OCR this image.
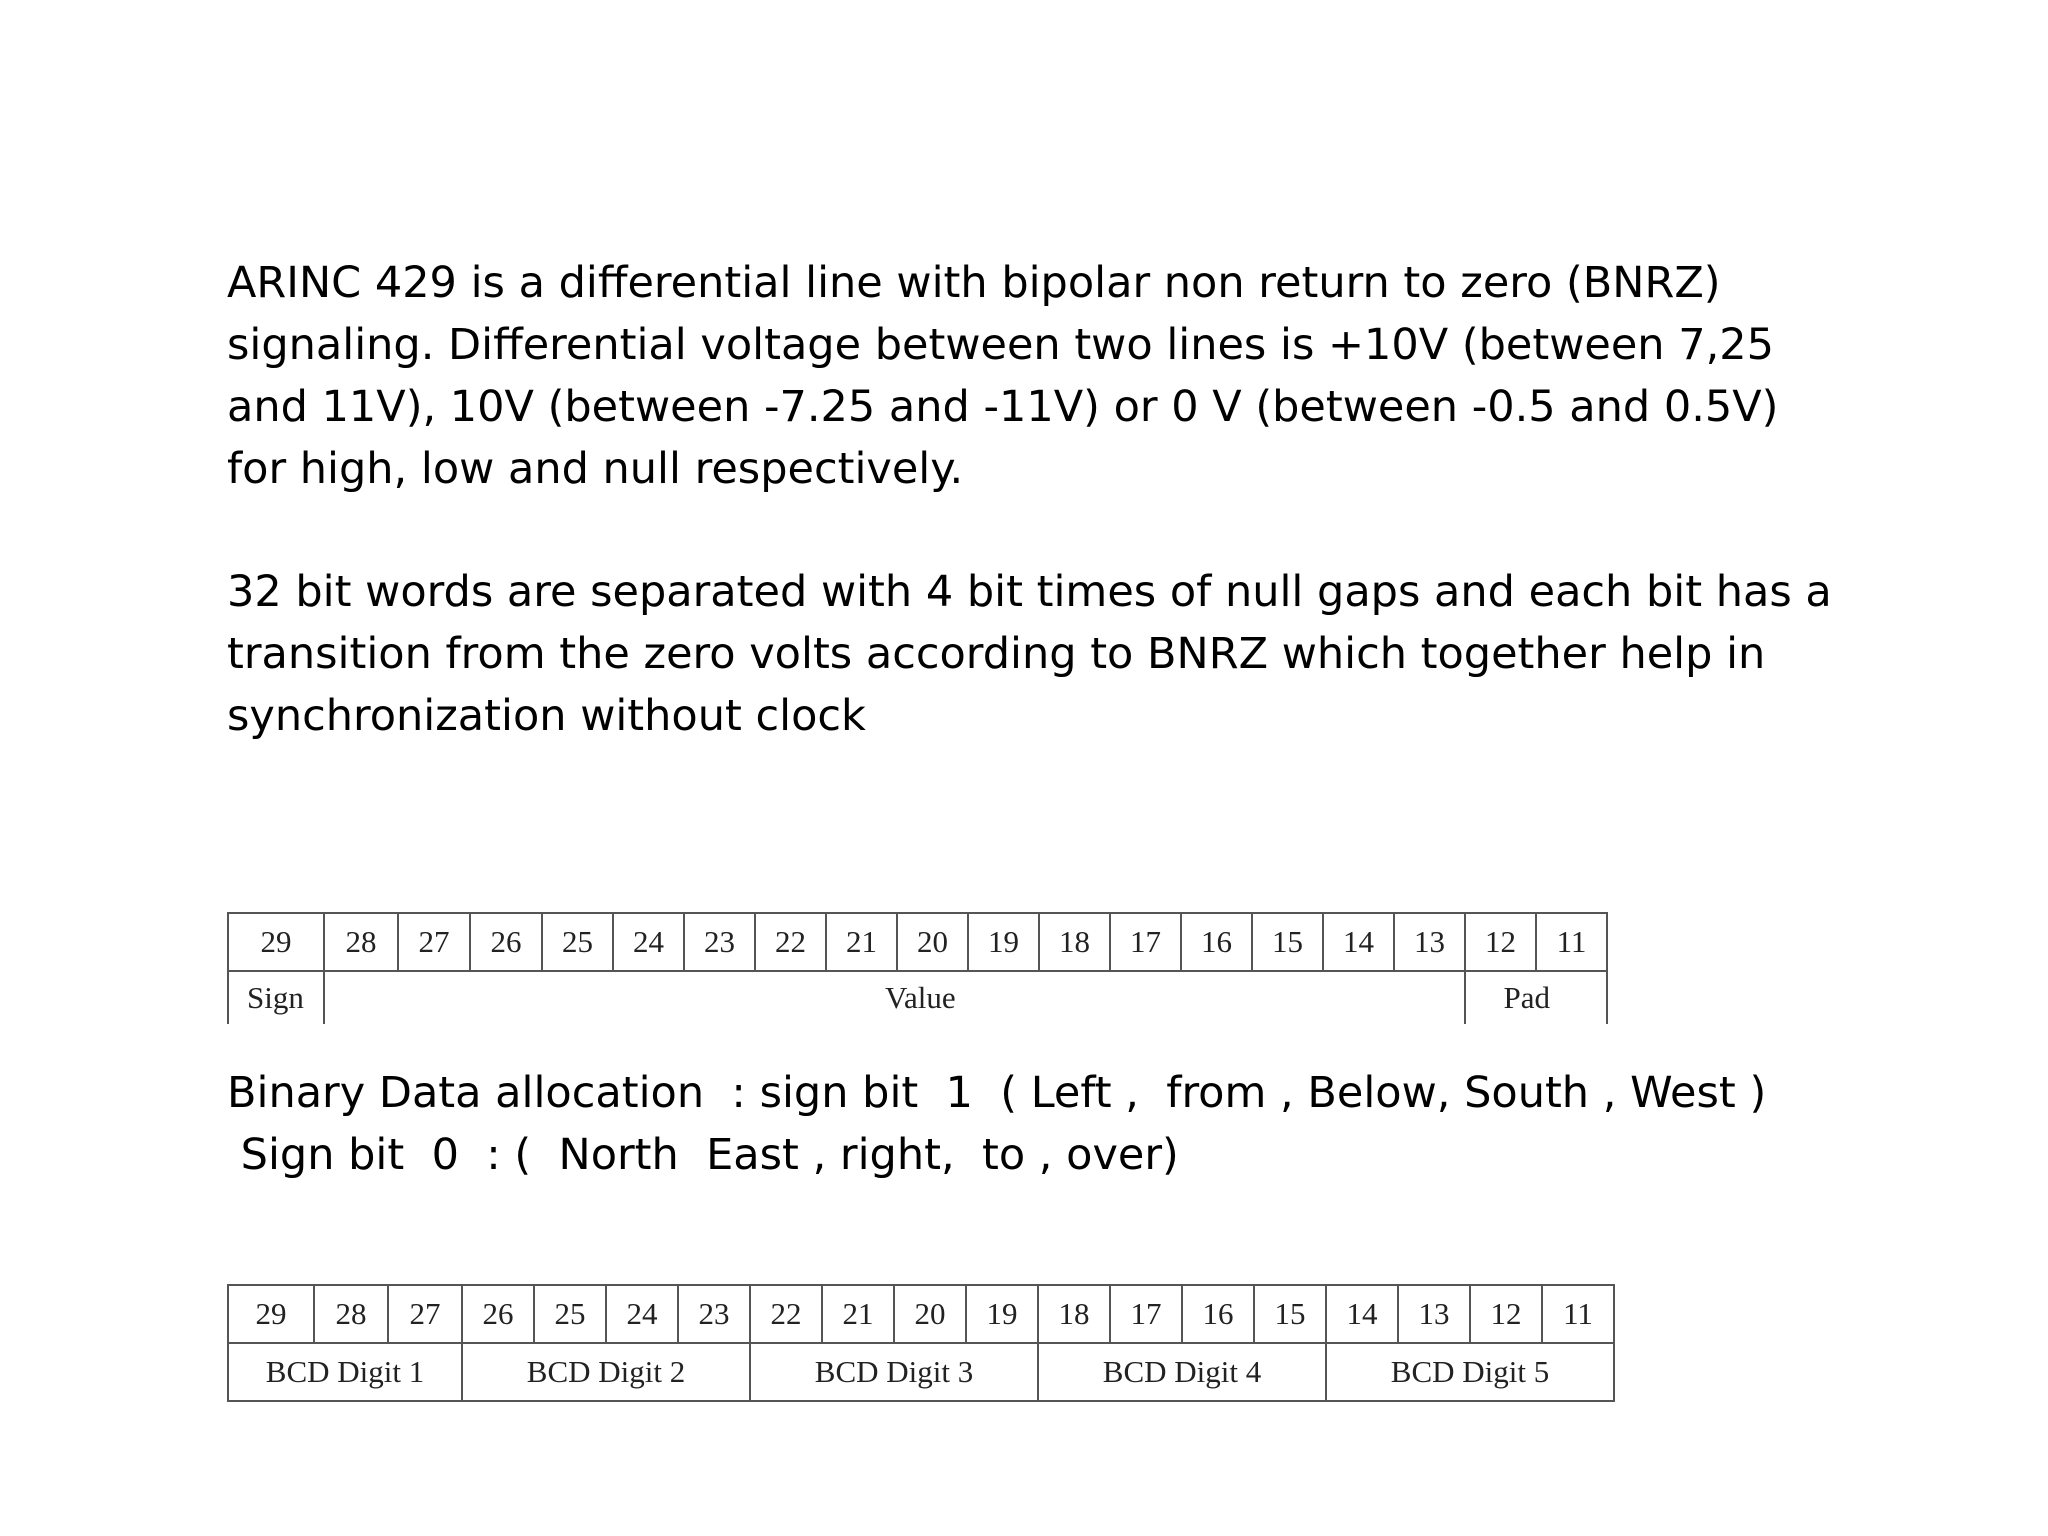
ARINC 429 is a differential line with bipolar non return to zero (BNRZ)
signaling. Differential voltage between two lines is +10V (between 7,25
and 11V), 10V (between -7.25 and -11V) or 0 V (between -0.5 and 0.5V)
for high, low and null respectively.
32 bit words are separated with 4 bit times of null gaps and each bit has a
transition from the zero volts according to BNRZ which together help in
synchronization without clock
29	28	27	26	25	24	23	22	21	20	19	18	17	16	15	14	13	12	11
Sign	Value																Pad	
Binary Data allocation  : sign bit  1  ( Left ,  from , Below, South , West )
Sign bit  0  : (  North  East , right,  to , over)
29	28	27	26	25	24	23	22	21	20	19	18	17	16	15	14	13	12	11
BCD Digit 1			BCD Digit 2				BCD Digit 3				BCD Digit 4				BCD Digit 5			
